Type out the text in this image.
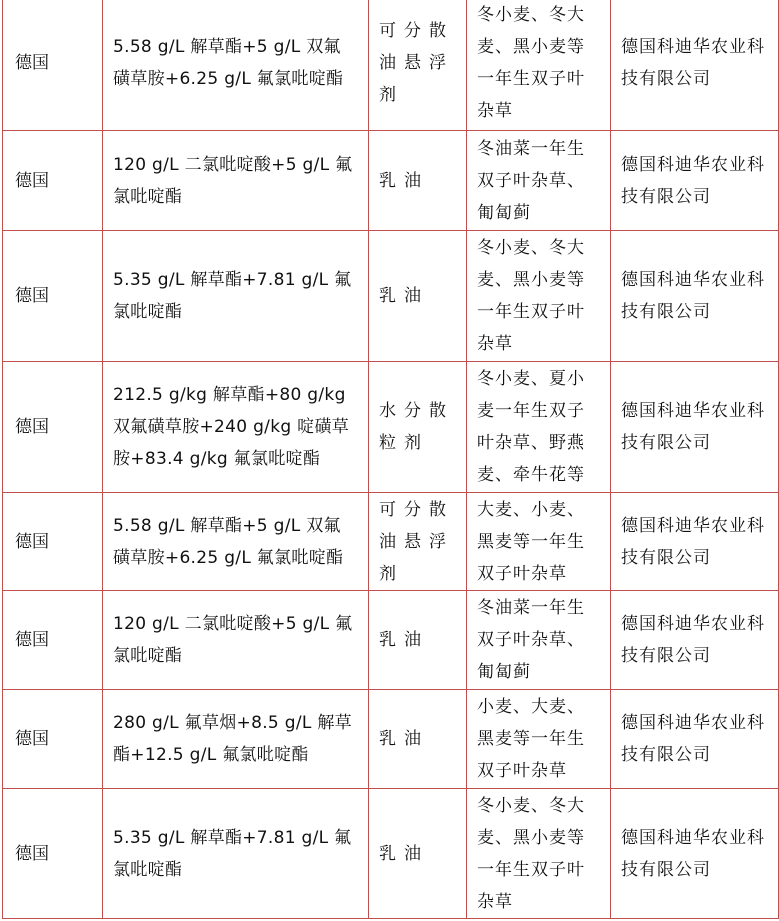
德国	5.58 g/L 解草酯+5 g/L 双氟磺草胺+6.25 g/L 氟氯吡啶酯	可分散油悬浮剂	冬小麦、冬大麦、黑小麦等一年生双子叶杂草	德国科迪华农业科技有限公司
德国	120 g/L 二氯吡啶酸+5 g/L 氟氯吡啶酯	乳油	冬油菜一年生双子叶杂草、匍匐蓟	德国科迪华农业科技有限公司
德国	5.35 g/L 解草酯+7.81 g/L 氟氯吡啶酯	乳油	冬小麦、冬大麦、黑小麦等一年生双子叶杂草	德国科迪华农业科技有限公司
德国	212.5 g/kg 解草酯+80 g/kg 双氟磺草胺+240 g/kg 啶磺草胺+83.4 g/kg 氟氯吡啶酯	水分散粒剂	冬小麦、夏小麦一年生双子叶杂草、野燕麦、牵牛花等	德国科迪华农业科技有限公司
德国	5.58 g/L 解草酯+5 g/L 双氟磺草胺+6.25 g/L 氟氯吡啶酯	可分散油悬浮剂	大麦、小麦、黑麦等一年生双子叶杂草	德国科迪华农业科技有限公司
德国	120 g/L 二氯吡啶酸+5 g/L 氟氯吡啶酯	乳油	冬油菜一年生双子叶杂草、匍匐蓟	德国科迪华农业科技有限公司
德国	280 g/L 氟草烟+8.5 g/L 解草酯+12.5 g/L 氟氯吡啶酯	乳油	小麦、大麦、黑麦等一年生双子叶杂草	德国科迪华农业科技有限公司
德国	5.35 g/L 解草酯+7.81 g/L 氟氯吡啶酯	乳油	冬小麦、冬大麦、黑小麦等一年生双子叶杂草	德国科迪华农业科技有限公司
